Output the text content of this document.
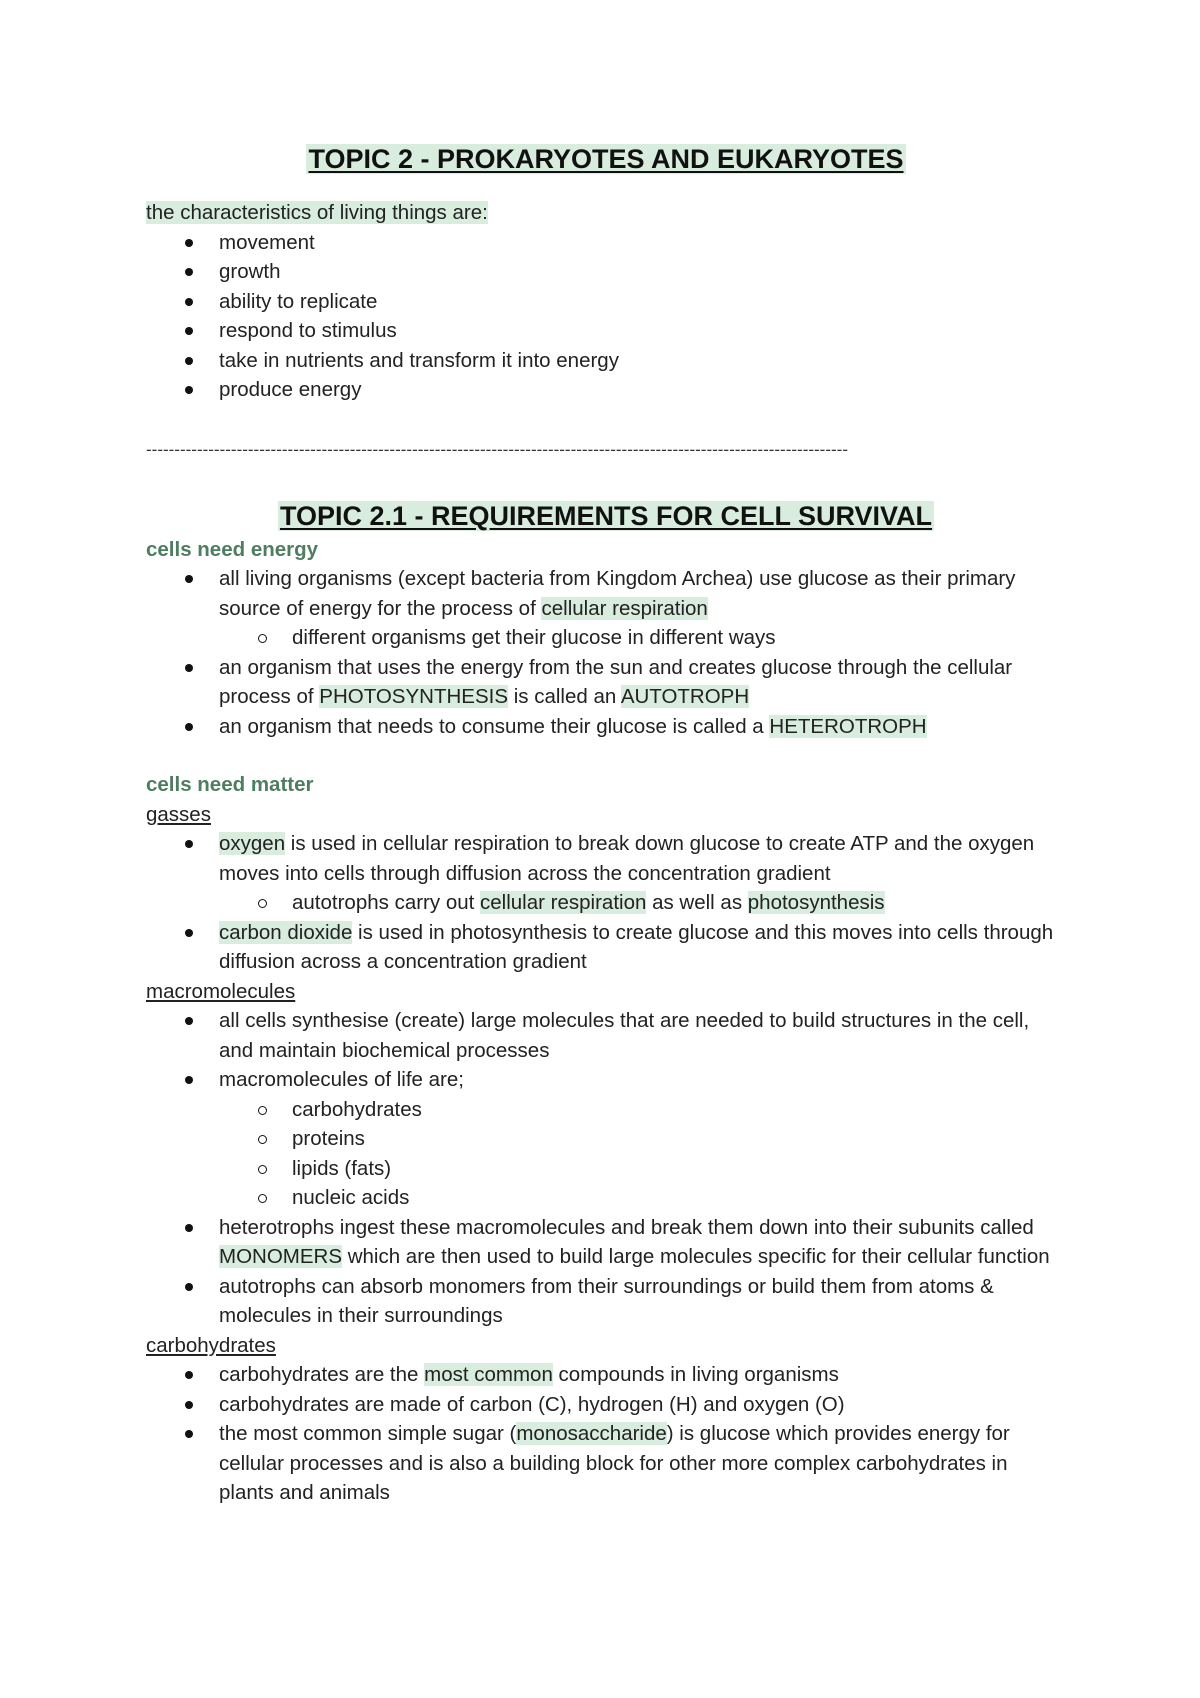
TOPIC 2 - PROKARYOTES AND EUKARYOTES

the characteristics of living things are:

movement
growth
ability to replicate
respond to stimulus
take in nutrients and transform it into energy
produce energy
----------------------------------------------------------------------------------------------------------------------------
TOPIC 2.1 - REQUIREMENTS FOR CELL SURVIVAL

cells need energy

all living organisms (except bacteria from Kingdom Archea) use glucose as their primary source of energy for the process of cellular respiration
different organisms get their glucose in different ways
an organism that uses the energy from the sun and creates glucose through the cellular process of PHOTOSYNTHESIS is called an AUTOTROPH
an organism that needs to consume their glucose is called a HETEROTROPH

cells need matter

gasses

oxygen is used in cellular respiration to break down glucose to create ATP and the oxygen moves into cells through diffusion across the concentration gradient
autotrophs carry out cellular respiration as well as photosynthesis
carbon dioxide is used in photosynthesis to create glucose and this moves into cells through diffusion across a concentration gradient

macromolecules

all cells synthesise (create) large molecules that are needed to build structures in the cell, and maintain biochemical processes
macromolecules of life are;
carbohydrates
proteins
lipids (fats)
nucleic acids
heterotrophs ingest these macromolecules and break them down into their subunits called MONOMERS which are then used to build large molecules specific for their cellular function
autotrophs can absorb monomers from their surroundings or build them from atoms & molecules in their surroundings

carbohydrates

carbohydrates are the most common compounds in living organisms
carbohydrates are made of carbon (C), hydrogen (H) and oxygen (O)
the most common simple sugar (monosaccharide) is glucose which provides energy for cellular processes and is also a building block for other more complex carbohydrates in plants and animals
